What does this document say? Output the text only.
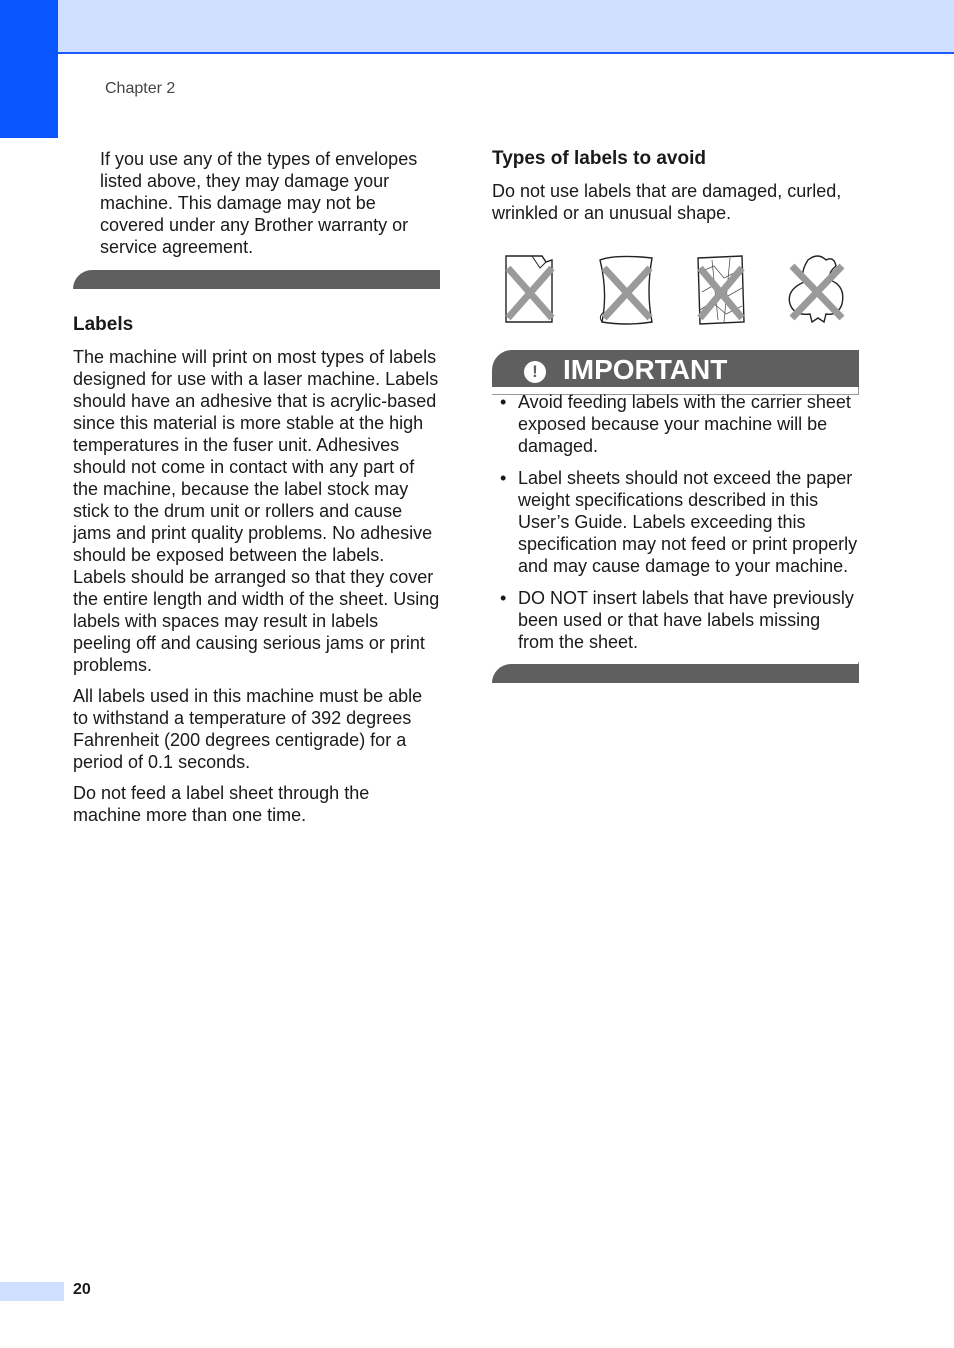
Chapter 2

If you use any of the types of envelopes listed above, they may damage your machine. This damage may not be covered under any Brother warranty or service agreement.

Labels

The machine will print on most types of labels designed for use with a laser machine. Labels should have an adhesive that is acrylic-based since this material is more stable at the high temperatures in the fuser unit. Adhesives should not come in contact with any part of the machine, because the label stock may stick to the drum unit or rollers and cause jams and print quality problems. No adhesive should be exposed between the labels. Labels should be arranged so that they cover the entire length and width of the sheet. Using labels with spaces may result in labels peeling off and causing serious jams or print problems.

All labels used in this machine must be able to withstand a temperature of 392 degrees Fahrenheit (200 degrees centigrade) for a period of 0.1 seconds.

Do not feed a label sheet through the machine more than one time.

Types of labels to avoid

Do not use labels that are damaged, curled, wrinkled or an unusual shape.

! IMPORTANT
• Avoid feeding labels with the carrier sheet exposed because your machine will be damaged.
• Label sheets should not exceed the paper weight specifications described in this User’s Guide. Labels exceeding this specification may not feed or print properly and may cause damage to your machine.
• DO NOT insert labels that have previously been used or that have labels missing from the sheet.
20
